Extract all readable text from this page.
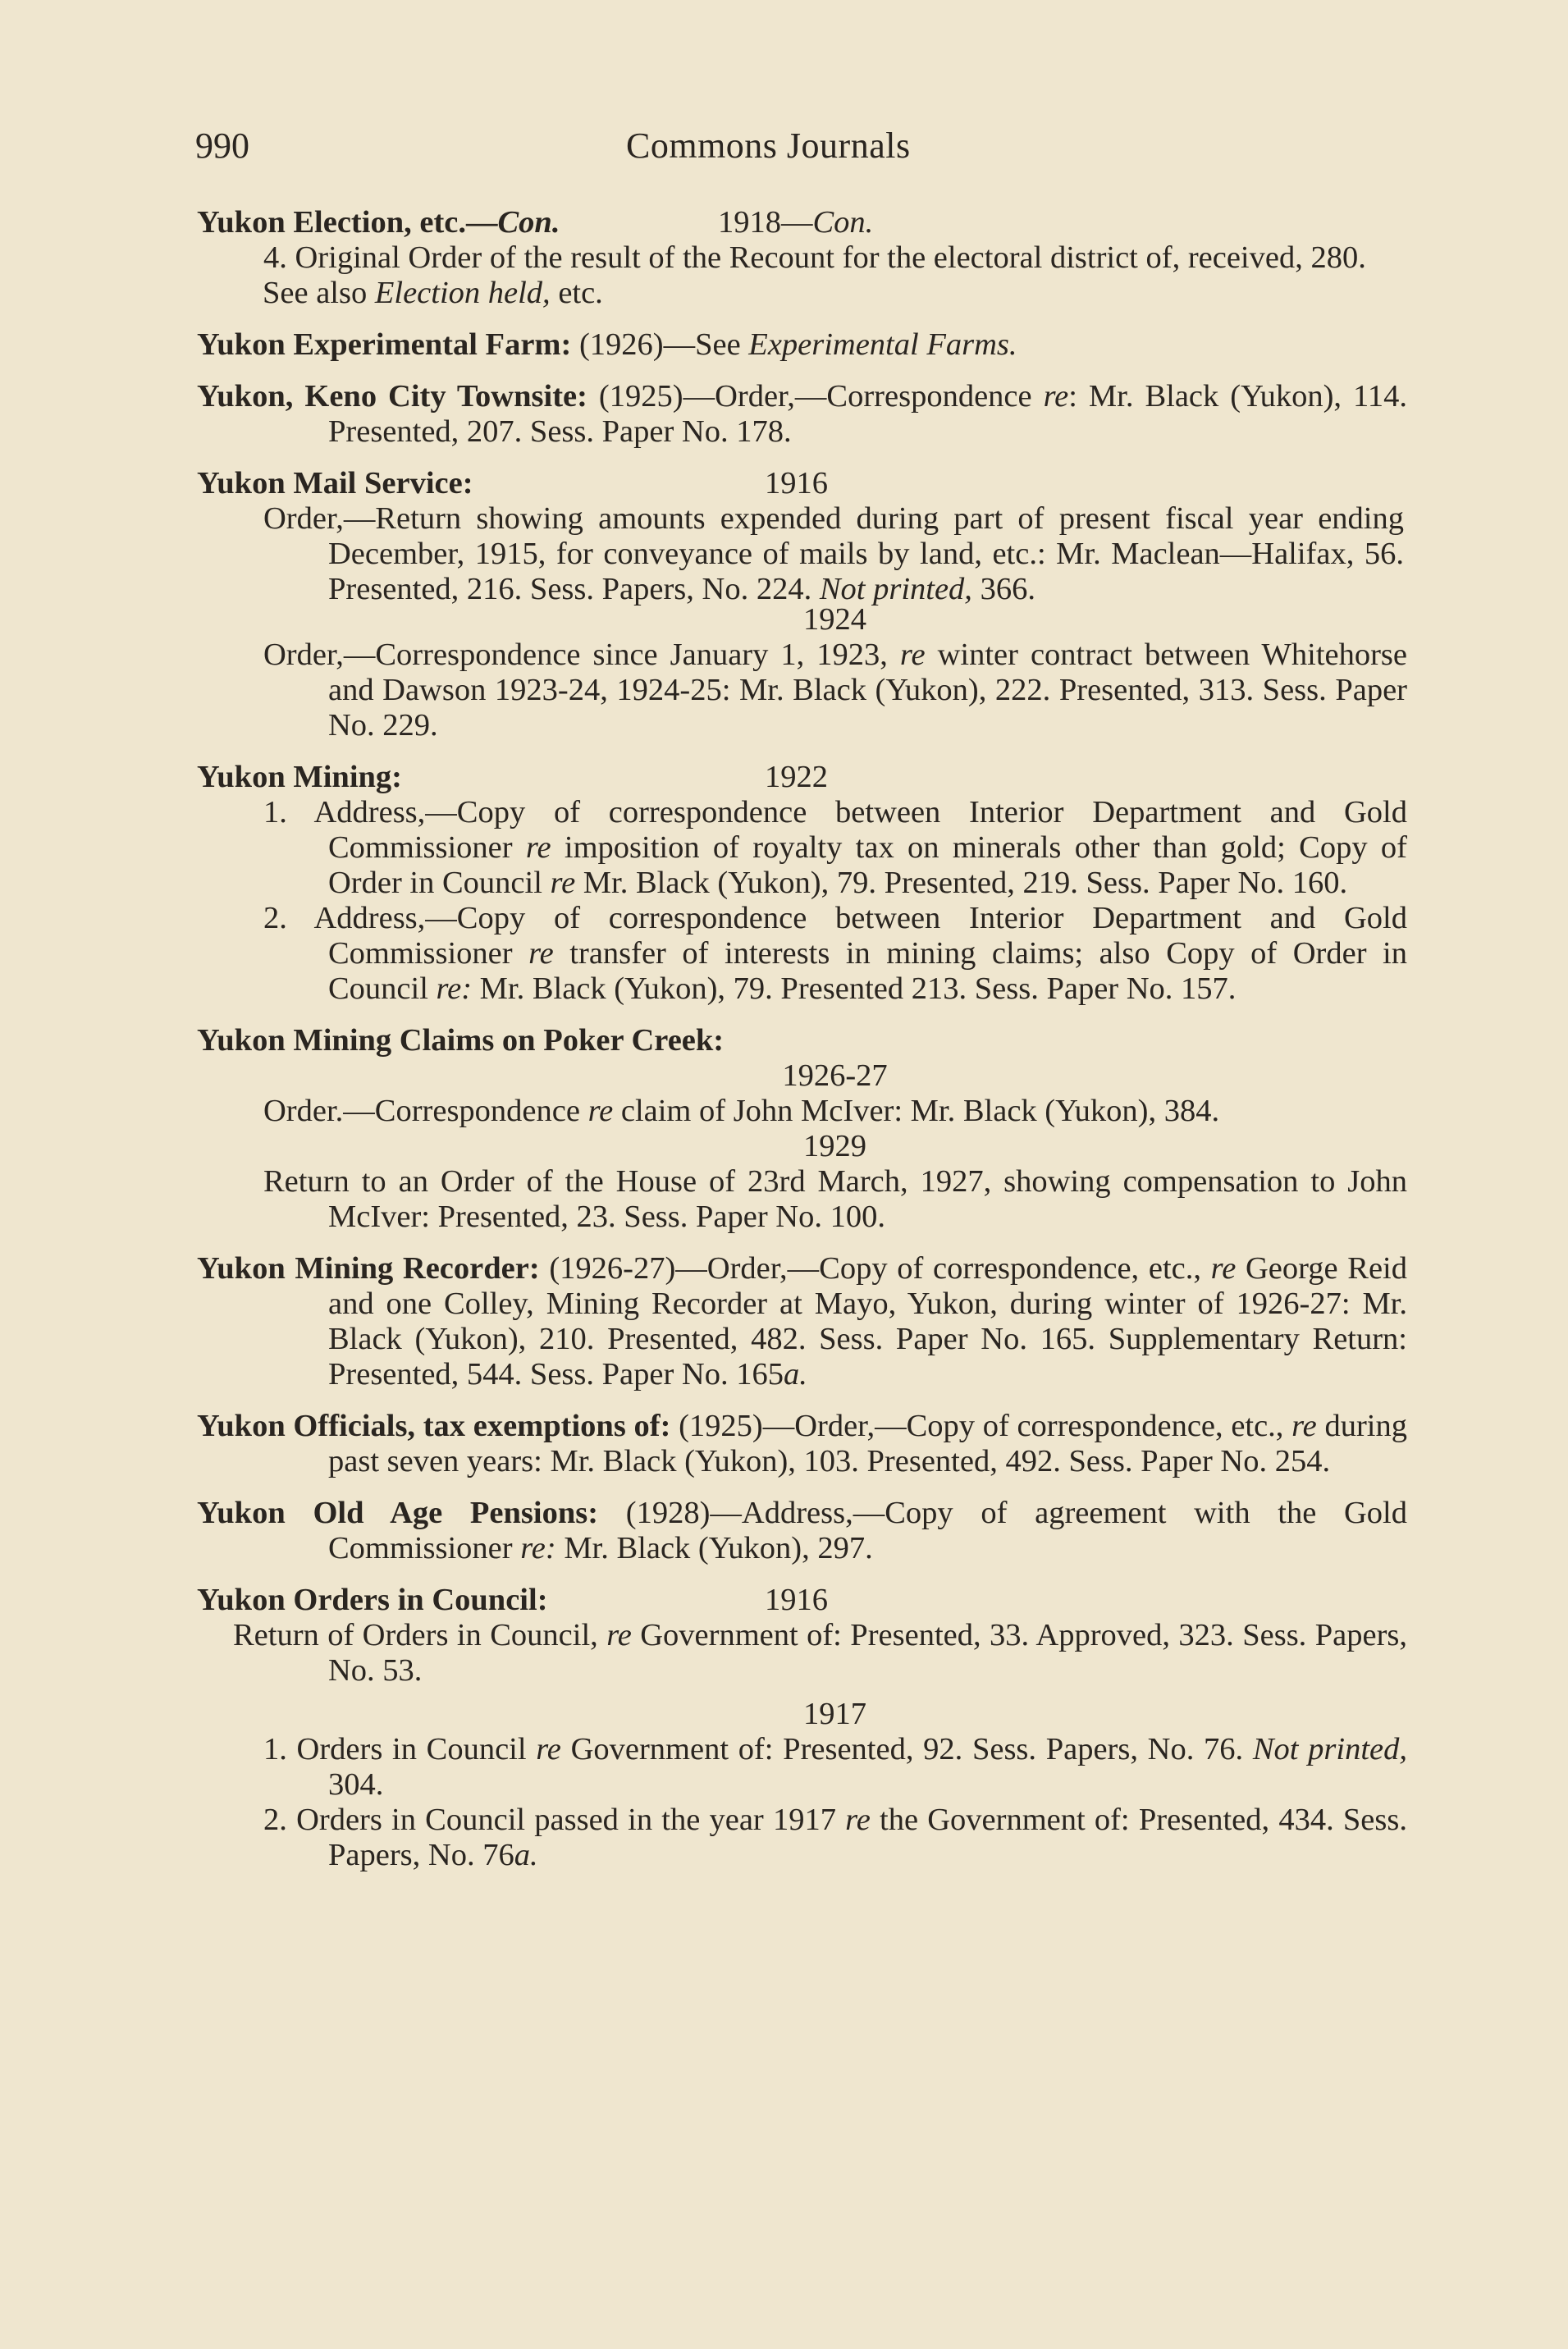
990	Commons Journals
Yukon Election, etc.—Con.	1918—Con.
4. Original Order of the result of the Recount for the electoral district of, received, 280.
See also Election held, etc.
Yukon Experimental Farm: (1926)—See Experimental Farms.
Yukon, Keno City Townsite: (1925)—Order,—Correspondence re: Mr. Black (Yukon), 114. Presented, 207. Sess. Paper No. 178.
Yukon Mail Service:	1916
Order,—Return showing amounts expended during part of present fiscal year ending December, 1915, for conveyance of mails by land, etc.: Mr. Maclean—Halifax, 56. Presented, 216. Sess. Papers, No. 224. Not printed, 366.
1924
Order,—Correspondence since January 1, 1923, re winter contract between Whitehorse and Dawson 1923-24, 1924-25: Mr. Black (Yukon), 222. Presented, 313. Sess. Paper No. 229.
Yukon Mining:	1922
1. Address,—Copy of correspondence between Interior Department and Gold Commissioner re imposition of royalty tax on minerals other than gold; Copy of Order in Council re Mr. Black (Yukon), 79. Presented, 219. Sess. Paper No. 160.
2. Address,—Copy of correspondence between Interior Department and Gold Commissioner re transfer of interests in mining claims; also Copy of Order in Council re: Mr. Black (Yukon), 79. Presented 213. Sess. Paper No. 157.
Yukon Mining Claims on Poker Creek:
1926-27
Order.—Correspondence re claim of John McIver: Mr. Black (Yukon), 384.
1929
Return to an Order of the House of 23rd March, 1927, showing compensation to John McIver: Presented, 23. Sess. Paper No. 100.
Yukon Mining Recorder: (1926-27)—Order,—Copy of correspondence, etc., re George Reid and one Colley, Mining Recorder at Mayo, Yukon, during winter of 1926-27: Mr. Black (Yukon), 210. Presented, 482. Sess. Paper No. 165. Supplementary Return: Presented, 544. Sess. Paper No. 165a.
Yukon Officials, tax exemptions of: (1925)—Order,—Copy of correspondence, etc., re during past seven years: Mr. Black (Yukon), 103. Presented, 492. Sess. Paper No. 254.
Yukon Old Age Pensions: (1928)—Address,—Copy of agreement with the Gold Commissioner re: Mr. Black (Yukon), 297.
Yukon Orders in Council:	1916
Return of Orders in Council, re Government of: Presented, 33. Approved, 323. Sess. Papers, No. 53.
1917
1. Orders in Council re Government of: Presented, 92. Sess. Papers, No. 76. Not printed, 304.
2. Orders in Council passed in the year 1917 re the Government of: Presented, 434. Sess. Papers, No. 76a.
